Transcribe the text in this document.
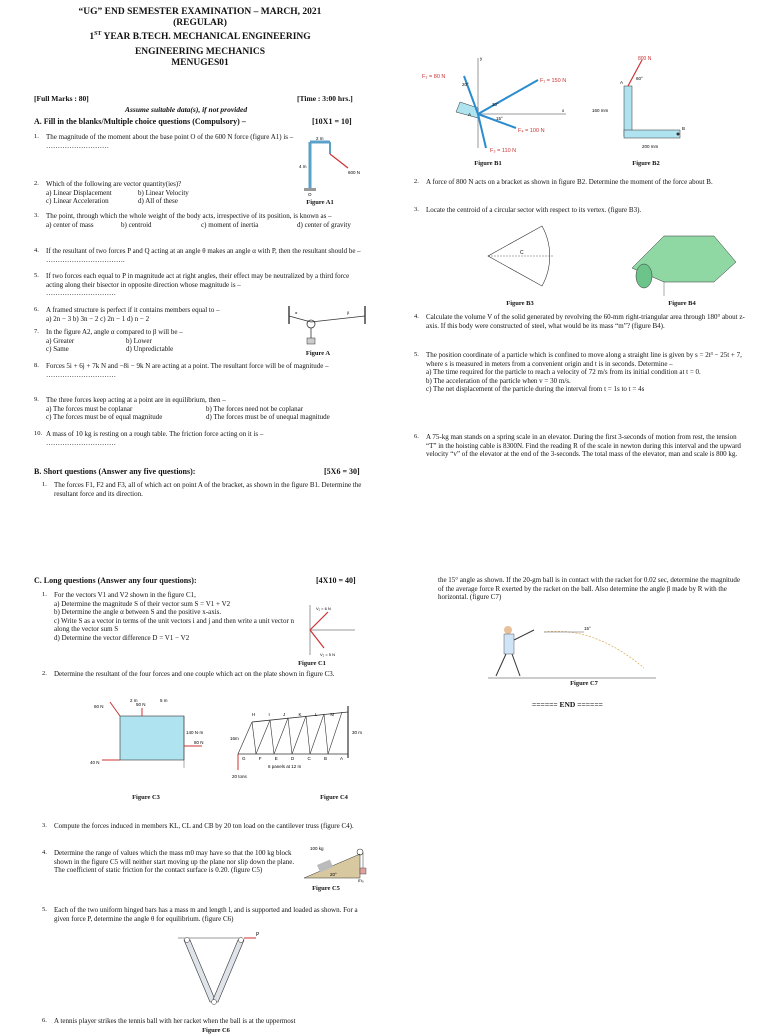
“UG” END SEMESTER EXAMINATION – MARCH, 2021
(REGULAR)
1ST YEAR B.TECH. MECHANICAL ENGINEERING
ENGINEERING MECHANICS
MENUGES01
[Full Marks : 80]	[Time : 3:00 hrs.]
Assume suitable data(s), if not provided
A. Fill in the blanks/Multiple choice questions (Compulsory) –	[10X1 = 10]
1.	The magnitude of the moment about the base point O of the 600 N force (figure A1) is –
………………………
2 m
4 m
600 N
O
2.	Which of the following are vector quantity(ies)?
a) Linear Displacement	b) Linear Velocity
c) Linear Acceleration	d) All of these	Figure A1
3.	The point, through which the whole weight of the body acts, irrespective of its position, is known as –
a) center of mass	b) centroid	c) moment of inertia	d) center of gravity
4.	If the resultant of two forces P and Q acting at an angle θ makes an angle α with P, then the resultant should be – …………………………….
5.	If two forces each equal to P in magnitude act at right angles, their effect may be neutralized by a third force acting along their bisector in opposite direction whose magnitude is –
…………………………
6.	A framed structure is perfect if it contains members equal to –
a) 2n − 3 b) 3n − 2 c) 2n − 1 d) n − 2
α	β
7.	In the figure A2, angle α compared to β will be –
a) Greater	b) Lower
c) Same	d) Unpredictable
Figure A
8.	Forces 5i + 6j + 7k N and −8i − 9k N are acting at a point. The resultant force will be of magnitude –
…………………………
9.	The three forces keep acting at a point are in equilibrium, then –
a) The forces must be coplanar	b) The forces need not be coplanar
c) The forces must be of equal magnitude	d) The forces must be of unequal magnitude
10. A mass of 10 kg is resting on a rough table. The friction force acting on it is –
…………………………
B. Short questions (Answer any five questions):	[5X6 = 30]
1.	The forces F1, F2 and F3, all of which act on point A of the bracket, as shown in the figure B1. Determine the resultant force and its direction.
C. Long questions (Answer any four questions):	[4X10 = 40]
1.	For the vectors V1 and V2 shown in the figure C1,
a) Determine the magnitude S of their vector sum S = V1 + V2
b) Determine the angle α between S and the positive x-axis.
c) Write S as a vector in terms of the unit vectors i and j and then write a unit vector n along the vector sum S
d) Determine the vector difference D = V1 − V2
V₁ = 6 N
V₂ = 5 N
Figure C1
2.	Determine the resultant of the four forces and one couple which act on the plate shown in figure C3.
60 N	50 N
140 N·m
80 N
40 N
2 m	5 m
Figure C3
H I J K L M
G F E D C B A
6 panels at 12 m
20 tons
16m
30 m
Figure C4
3.	Compute the forces induced in members KL, CL and CB by 20 ton load on the cantilever truss (figure C4).
4.	Determine the range of values which the mass m0 may have so that the 100 kg block shown in the figure C5 will neither start moving up the plane nor slip down the plane. The coefficient of static friction for the contact surface is 0.20. (figure C5)
100 kg
20°
m₀
Figure C5
5.	Each of the two uniform hinged bars has a mass m and length l, and is supported and loaded as shown. For a given force P, determine the angle θ for equilibrium. (figure C6)
P
Figure C6
6.	A tennis player strikes the tennis ball with her racket when the ball is at the uppermost
F₂ = 80 N
F₁ = 150 N
F₄ = 100 N
F₃ = 110 N
20°
30°
15°
A
y
x
Figure B1
800 N
60°
A
B
160 mm
200 mm
Figure B2
2.	A force of 800 N acts on a bracket as shown in figure B2. Determine the moment of the force about B.
3.	Locate the centroid of a circular sector with respect to its vertex. (figure B3).
C
Figure B3	Figure B4
4.	Calculate the volume V of the solid generated by revolving the 60-mm right-triangular area through 180° about z-axis. If this body were constructed of steel, what would be its mass “m”? (figure B4).
5.	The position coordinate of a particle which is confined to move along a straight line is given by s = 2t³ − 25t + 7, where s is measured in meters from a convenient origin and t is in seconds. Determine –
a) The time required for the particle to reach a velocity of 72 m/s from its initial condition at t = 0.
b) The acceleration of the particle when v = 30 m/s.
c) The net displacement of the particle during the interval from t = 1s to t = 4s
6.	A 75-kg man stands on a spring scale in an elevator. During the first 3-seconds of motion from rest, the tension “T” in the hoisting cable is 8300N. Find the reading R of the scale in newton during this interval and the upward velocity “v” of the elevator at the end of the 3-seconds. The total mass of the elevator, man and scale is 800 kg.
the 15° angle as shown. If the 20-gm ball is in contact with the racket for 0.02 sec, determine the magnitude of the average force R exerted by the racket on the ball. Also determine the angle β made by R with the horizontal. (figure C7)
15°
Figure C7
====== END ======
